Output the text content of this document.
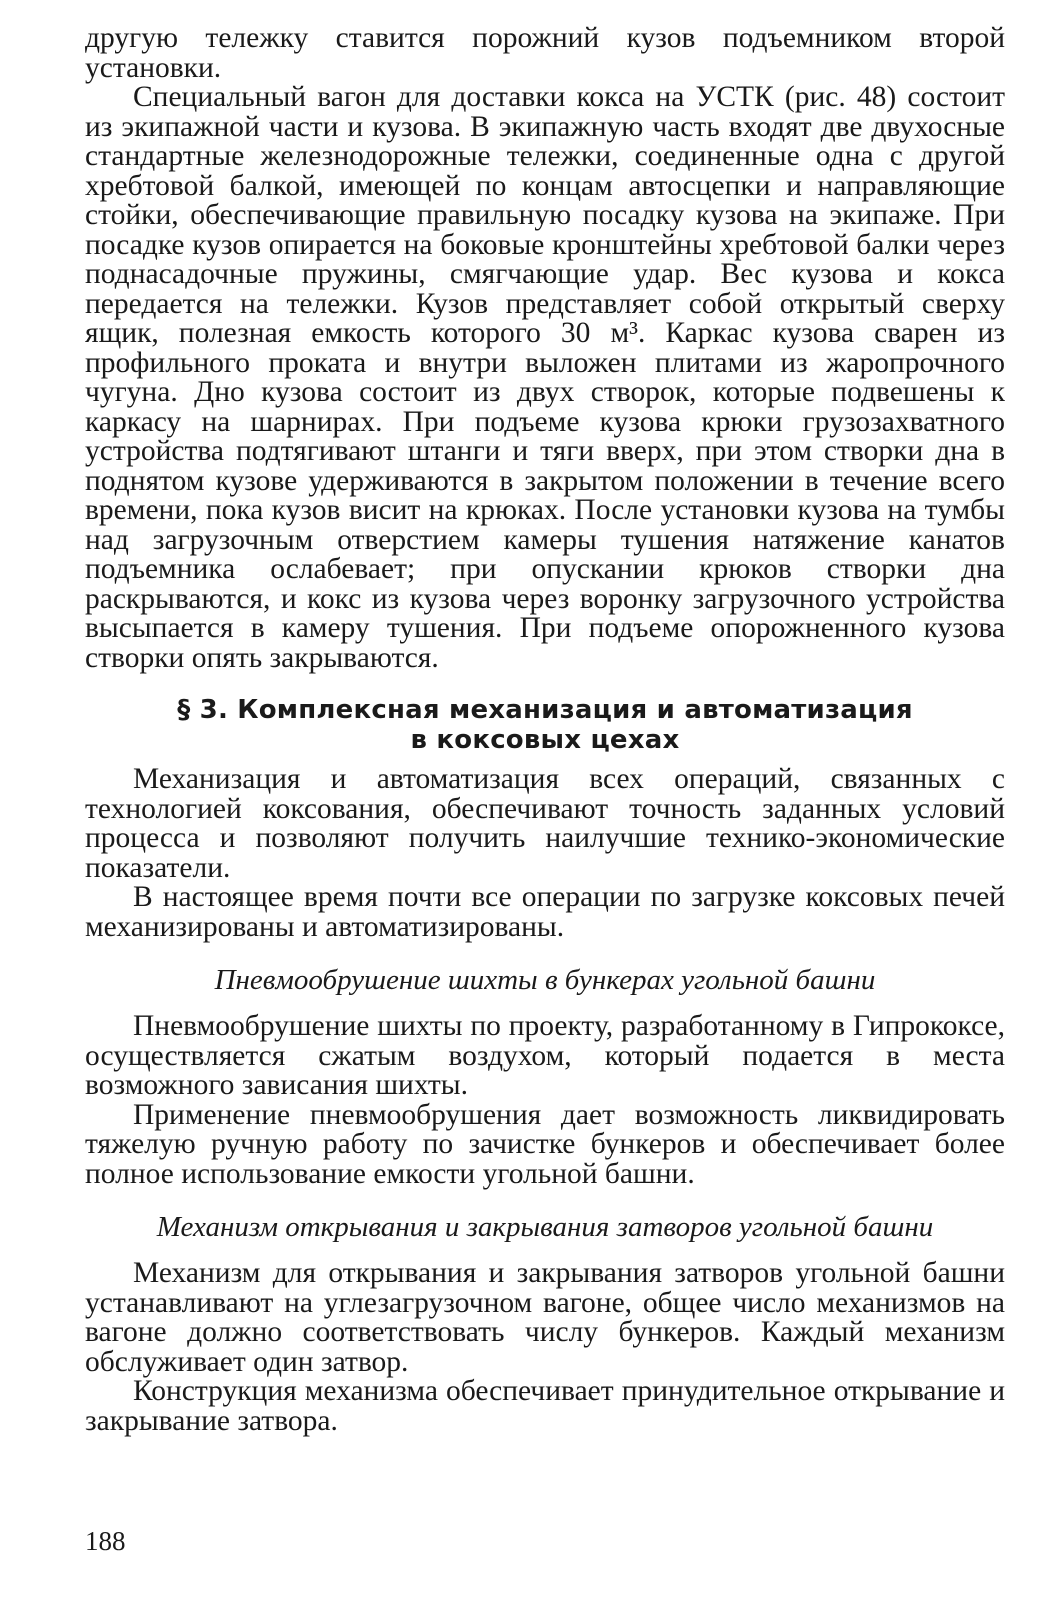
другую тележку ставится порожний кузов подъемником второй установки.

Специальный вагон для доставки кокса на УСТК (рис. 48) состоит из экипажной части и кузова. В экипажную часть входят две двухосные стандартные железнодорожные тележки, соединенные одна с другой хребтовой балкой, имеющей по концам автосцепки и направляющие стойки, обеспечивающие правильную посадку кузова на экипаже. При посадке кузов опирается на боковые кронштейны хребтовой балки через поднасадочные пружины, смягчающие удар. Вес кузова и кокса передается на тележки. Кузов представляет собой открытый сверху ящик, полезная емкость которого 30 м³. Каркас кузова сварен из профильного проката и внутри выложен плитами из жаропрочного чугуна. Дно кузова состоит из двух створок, которые подвешены к каркасу на шарнирах. При подъеме кузова крюки грузозахватного устройства подтягивают штанги и тяги вверх, при этом створки дна в поднятом кузове удерживаются в закрытом положении в течение всего времени, пока кузов висит на крюках. После установки кузова на тумбы над загрузочным отверстием камеры тушения натяжение канатов подъемника ослабевает; при опускании крюков створки дна раскрываются, и кокс из кузова через воронку загрузочного устройства высыпается в камеру тушения. При подъеме опорожненного кузова створки опять закрываются.

§ 3. Комплексная механизация и автоматизация
в коксовых цехах

Механизация и автоматизация всех операций, связанных с технологией коксования, обеспечивают точность заданных условий процесса и позволяют получить наилучшие технико-экономические показатели.

В настоящее время почти все операции по загрузке коксовых печей механизированы и автоматизированы.

Пневмообрушение шихты в бункерах угольной башни

Пневмообрушение шихты по проекту, разработанному в Гипрококсе, осуществляется сжатым воздухом, который подается в места возможного зависания шихты.

Применение пневмообрушения дает возможность ликвидировать тяжелую ручную работу по зачистке бункеров и обеспечивает более полное использование емкости угольной башни.

Механизм открывания и закрывания затворов угольной башни

Механизм для открывания и закрывания затворов угольной башни устанавливают на углезагрузочном вагоне, общее число механизмов на вагоне должно соответствовать числу бункеров. Каждый механизм обслуживает один затвор.

Конструкция механизма обеспечивает принудительное открывание и закрывание затвора.

188
